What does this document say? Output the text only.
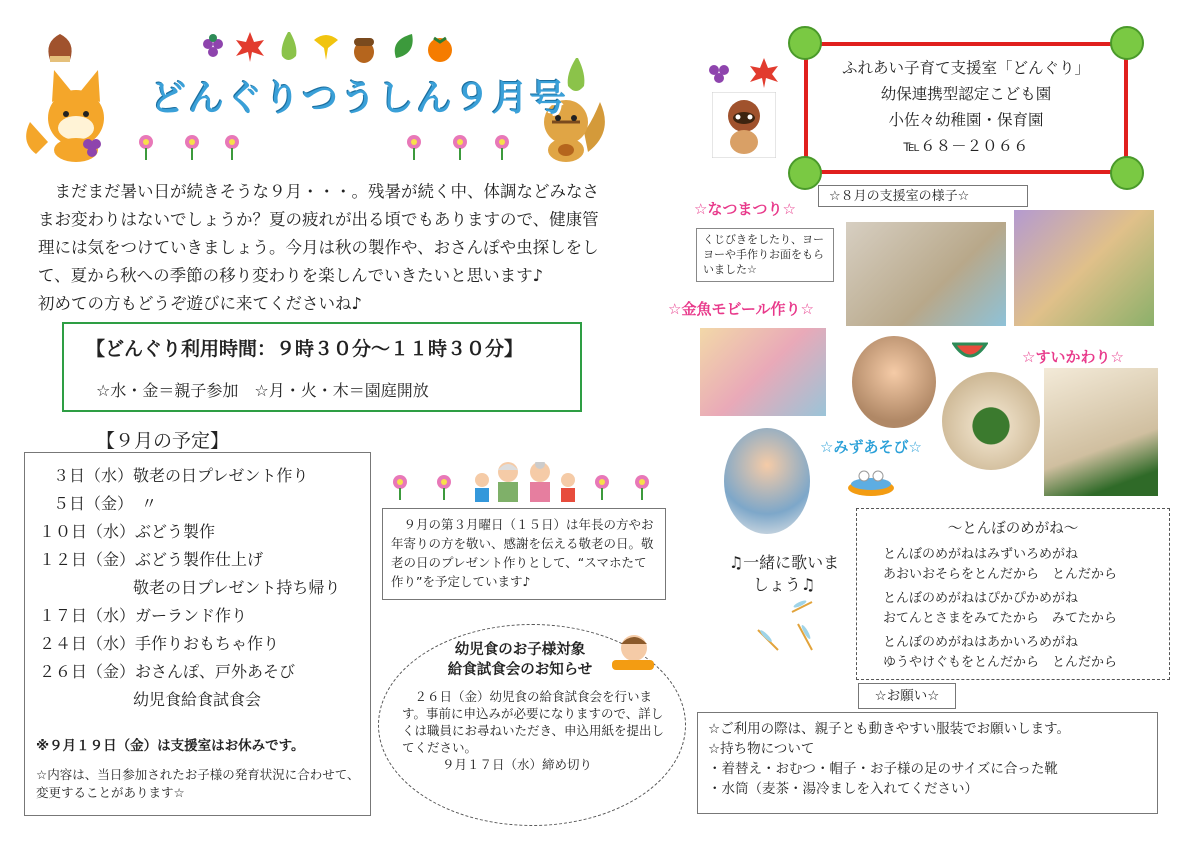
どんぐりつうしん９月号
まだまだ暑い日が続きそうな９月・・・。残暑が続く中、体調などみなさ
まお変わりはないでしょうか？夏の疲れが出る頃でもありますので、健康管
理には気をつけていきましょう。今月は秋の製作や、おさんぽや虫探しをし
て、夏から秋への季節の移り変わりを楽しんでいきたいと思います♪
初めての方もどうぞ遊びに来てくださいね♪
【どんぐり利用時間：９時３０分～１１時３０分】
☆水・金＝親子参加　☆月・火・木＝園庭開放
【９月の予定】
３日（水）敬老の日プレゼント作り
５日（金）　〃
１０日（水）ぶどう製作
１２日（金）ぶどう製作仕上げ
敬老の日プレゼント持ち帰り
１７日（水）ガーランド作り
２４日（水）手作りおもちゃ作り
２６日（金）おさんぽ、戸外あそび
幼児食給食試食会
※９月１９日（金）は支援室はお休みです。
☆内容は、当日参加されたお子様の発育状況に合わせて、変更することがあります☆
９月の第３月曜日（１５日）は年長の方やお年寄りの方を敬い、感謝を伝える敬老の日。敬老の日のプレゼント作りとして、“スマホたて作り”を予定しています♪
幼児食のお子様対象
給食試食会のお知らせ
２６日（金）幼児食の給食試食会を行います。事前に申込みが必要になりますので、詳しくは職員にお尋ねいただき、申込用紙を提出してください。
９月１７日（水）締め切り
ふれあい子育て支援室「どんぐり」
幼保連携型認定こども園
小佐々幼稚園・保育園
℡６８－２０６６
☆８月の支援室の様子☆
☆なつまつり☆
くじびきをしたり、ヨーヨーや手作りお面をもらいました☆
☆金魚モビール作り☆
☆すいかわり☆
☆みずあそび☆
♫一緒に歌いましょう♫
～とんぼのめがね～
とんぼのめがねはみずいろめがね
あおいおそらをとんだから　とんだから
とんぼのめがねはぴかぴかめがね
おてんとさまをみてたから　みてたから
とんぼのめがねはあかいろめがね
ゆうやけぐもをとんだから　とんだから
☆ご利用の際は、親子とも動きやすい服装でお願いします。
☆持ち物について
・着替え・おむつ・帽子・お子様の足のサイズに合った靴
・水筒（麦茶・湯冷ましを入れてください）
☆お願い☆
